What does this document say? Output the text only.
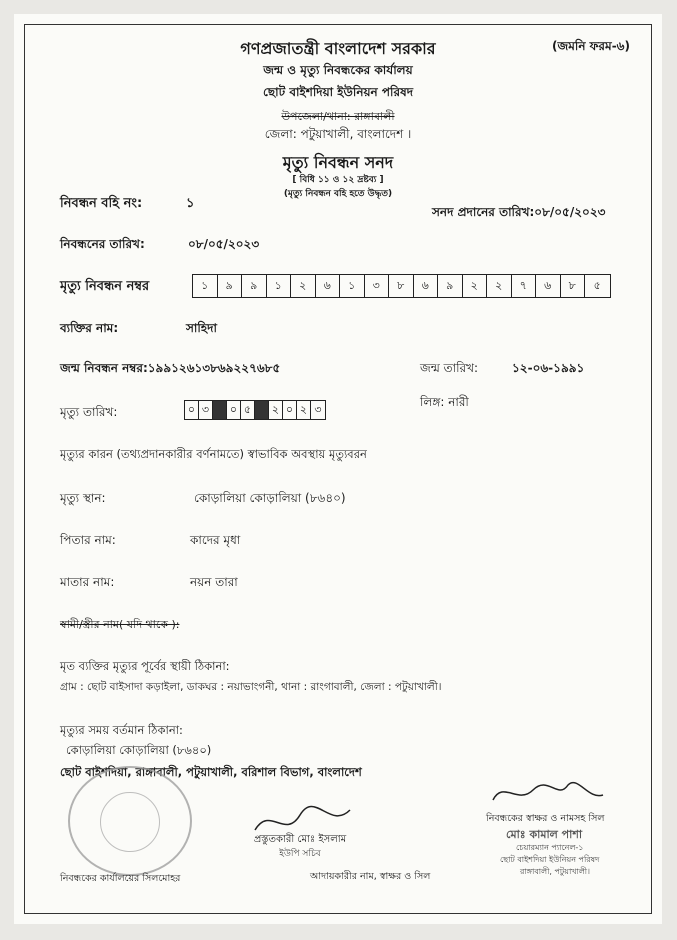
(জমনি ফরম-৬)
গণপ্রজাতন্ত্রী বাংলাদেশ সরকার
জন্ম ও মৃত্যু নিবন্ধকের কার্যালয়
ছোট বাইশদিয়া ইউনিয়ন পরিষদ
উপজেলা/থানা: রাঙ্গাবালী
জেলা: পটুয়াখালী, বাংলাদেশ ।
মৃত্যু নিবন্ধন সনদ
[ বিধি ১১ ও ১২ দ্রষ্টব্য ]
(মৃত্যু নিবন্ধন বহি হতে উদ্ধৃত)
নিবন্ধন বহি নং:	১
সনদ প্রদানের তারিখ:০৮/০৫/২০২৩
নিবন্ধনের তারিখ:	০৮/০৫/২০২৩
মৃত্যু নিবন্ধন নম্বর	১	৯	৯	১	২	৬	১	৩	৮	৬	৯	২	২	৭	৬	৮	৫
ব্যক্তির নাম:	সাহিদা
জন্ম নিবন্ধন নম্বর:১৯৯১২৬১৩৮৬৯২২৭৬৮৫	জন্ম তারিখ:	১২-০৬-১৯৯১
মৃত্যু তারিখ:	০ ৩	০ ৫	২ ০ ২ ৩
লিঙ্গ: নারী
মৃত্যুর কারন (তথ্যপ্রদানকারীর বর্ণনামতে) স্বাভাবিক অবস্থায় মৃত্যুবরন
মৃত্যু স্থান:	কোড়ালিয়া কোড়ালিয়া (৮৬৪০)
পিতার নাম:	কাদের মৃধা
মাতার নাম:	নয়ন তারা
স্বামী/স্ত্রীর নাম( যদি থাকে ):
মৃত ব্যক্তির মৃত্যুর পূর্বের স্থায়ী ঠিকানা:
গ্রাম : ছোট বাইসাদা কড়াইলা, ডাকঘর : নয়াভাংগনী, থানা : রাংগাবালী, জেলা : পটুয়াখালী।
মৃত্যুর সময় বর্তমান ঠিকানা:
কোড়ালিয়া কোড়ালিয়া (৮৬৪০)
ছোট বাইশদিয়া, রাঙ্গাবালী, পটুয়াখালী, বরিশাল বিভাগ, বাংলাদেশ
প্রস্তুতকারী মোঃ ইসলাম
ইউপি সচিব
নিবন্ধকের স্বাক্ষর ও নামসহ সিল
মোঃ কামাল পাশা
চেয়ারম্যান প্যানেল-১
ছোট বাইশদিয়া ইউনিয়ন পরিষদ
রাঙ্গাবালী, পটুয়াখালী।
নিবন্ধকের কার্যালয়ের সিলমোহর	আদায়কারীর নাম, স্বাক্ষর ও সিল
